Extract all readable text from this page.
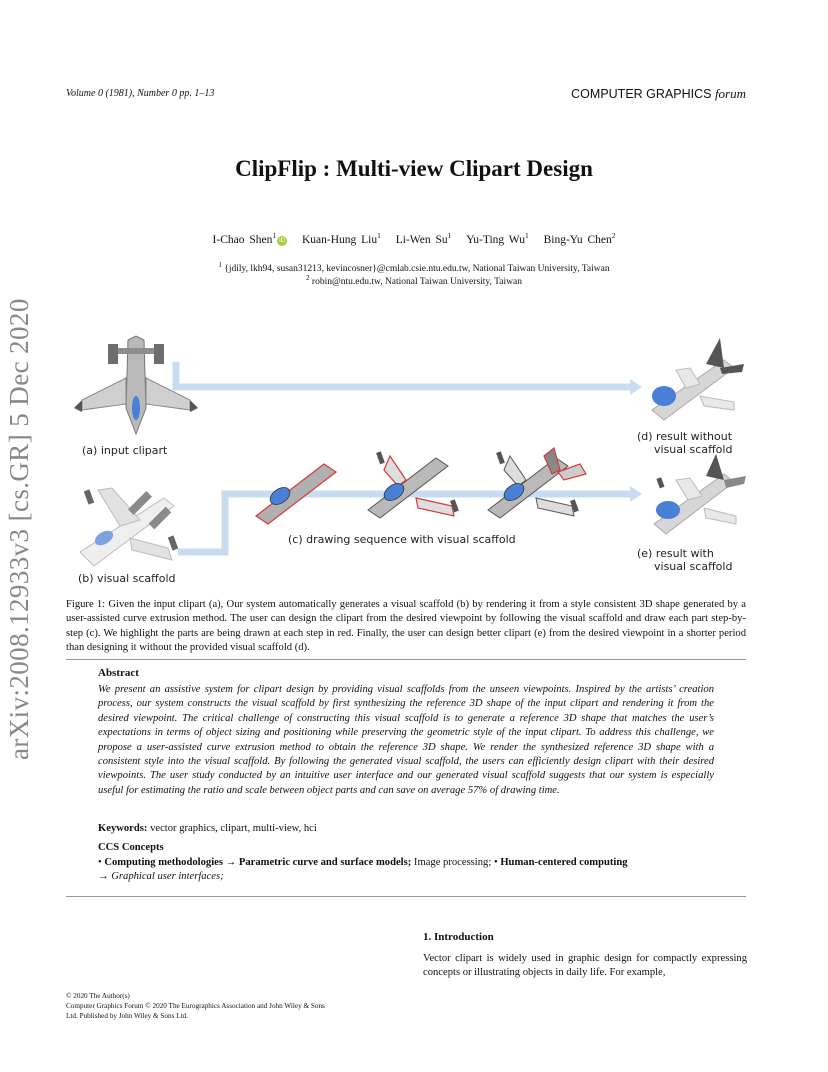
Volume 0 (1981), Number 0 pp. 1–13	COMPUTER GRAPHICS forum
ClipFlip : Multi-view Clipart Design
I-Chao Shen$^1$iD Kuan-Hung Liu$^1$ Li-Wen Su$^1$ Yu-Ting Wu$^1$ Bing-Yu Chen$^2$
$^1$ {jdily, lkh94, susan31213, kevincosner}@cmlab.csie.ntu.edu.tw, National Taiwan University, Taiwan
$^2$ robin@ntu.edu.tw, National Taiwan University, Taiwan
arXiv:2008.12933v3 [cs.GR] 5 Dec 2020	(a) input clipart
(b) visual scaffold
(c) drawing sequence with visual scaffold
(d) result without
visual scaffold
(e) result with
visual scaffold
Figure 1: Given the input clipart (a), Our system automatically generates a visual scaffold (b) by rendering it from a style consistent 3D shape generated by a user-assisted curve extrusion method. The user can design the clipart from the desired viewpoint by following the visual scaffold and draw each part step-by-step (c). We highlight the parts are being drawn at each step in red. Finally, the user can design better clipart (e) from the desired viewpoint in a shorter period than designing it without the provided visual scaffold (d).
Abstract
We present an assistive system for clipart design by providing visual scaffolds from the unseen viewpoints. Inspired by the artists’ creation process, our system constructs the visual scaffold by first synthesizing the reference 3D shape of the input clipart and rendering it from the desired viewpoint. The critical challenge of constructing this visual scaffold is to generate a reference 3D shape that matches the user’s expectations in terms of object sizing and positioning while preserving the geometric style of the input clipart. To address this challenge, we propose a user-assisted curve extrusion method to obtain the reference 3D shape. We render the synthesized reference 3D shape with a consistent style into the visual scaffold. By following the generated visual scaffold, the users can efficiently design clipart with their desired viewpoints. The user study conducted by an intuitive user interface and our generated visual scaffold suggests that our system is especially useful for estimating the ratio and scale between object parts and can save on average 57% of drawing time.
Keywords: vector graphics, clipart, multi-view, hci
CCS Concepts
• Computing methodologies → Parametric curve and surface models; Image processing; • Human-centered computing
→ Graphical user interfaces;
1. Introduction
Vector clipart is widely used in graphic design for compactly expressing concepts or illustrating objects in daily life. For example,
© 2020 The Author(s)
Computer Graphics Forum © 2020 The Eurographics Association and John Wiley & Sons Ltd. Published by John Wiley & Sons Ltd.
